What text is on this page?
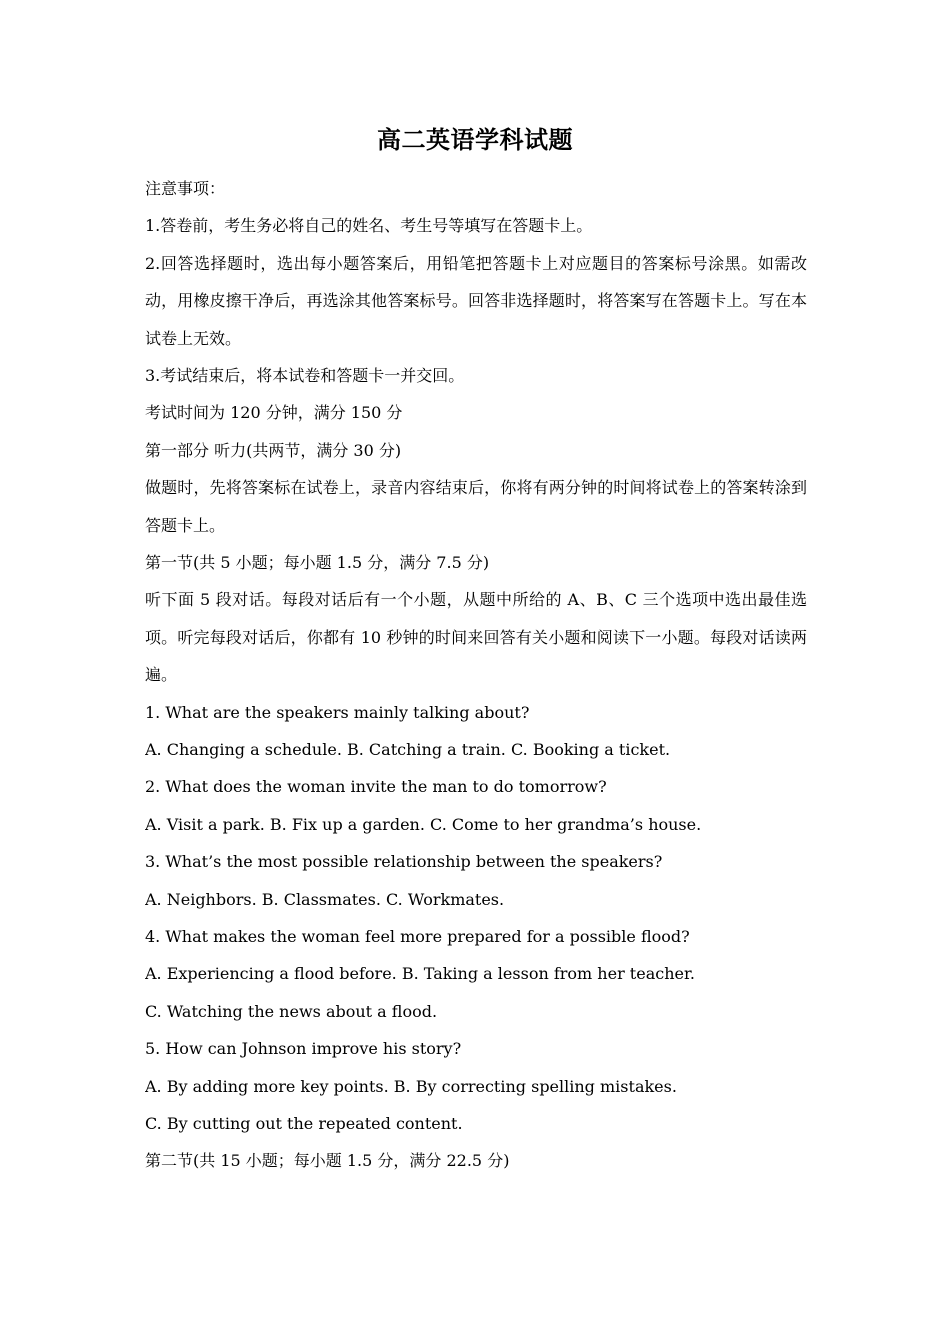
高二英语学科试题
注意事项：
1.答卷前，考生务必将自己的姓名、考生号等填写在答题卡上。
2.回答选择题时，选出每小题答案后，用铅笔把答题卡上对应题目的答案标号涂黑。如需改动，用橡皮擦干净后，再选涂其他答案标号。回答非选择题时，将答案写在答题卡上。写在本试卷上无效。
3.考试结束后，将本试卷和答题卡一并交回。
考试时间为 120 分钟，满分 150 分
第一部分 听力(共两节，满分 30 分)
做题时，先将答案标在试卷上，录音内容结束后，你将有两分钟的时间将试卷上的答案转涂到答题卡上。
第一节(共 5 小题；每小题 1.5 分，满分 7.5 分)
听下面 5 段对话。每段对话后有一个小题，从题中所给的 A、B、C 三个选项中选出最佳选项。听完每段对话后，你都有 10 秒钟的时间来回答有关小题和阅读下一小题。每段对话读两遍。
1. What are the speakers mainly talking about?
A. Changing a schedule. B. Catching a train. C. Booking a ticket.
2. What does the woman invite the man to do tomorrow?
A. Visit a park. B. Fix up a garden. C. Come to her grandma’s house.
3. What’s the most possible relationship between the speakers?
A. Neighbors. B. Classmates. C. Workmates.
4. What makes the woman feel more prepared for a possible flood?
A. Experiencing a flood before. B. Taking a lesson from her teacher.
C. Watching the news about a flood.
5. How can Johnson improve his story?
A. By adding more key points. B. By correcting spelling mistakes.
C. By cutting out the repeated content.
第二节(共 15 小题；每小题 1.5 分，满分 22.5 分)
